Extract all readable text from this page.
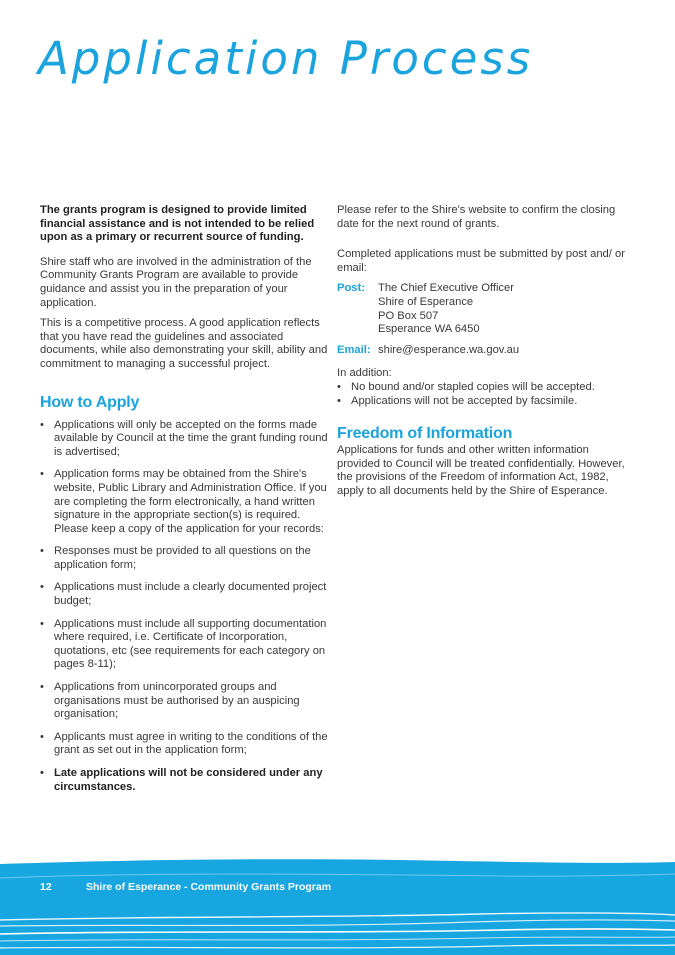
Application Process

The grants program is designed to provide limited financial assistance and is not intended to be relied upon as a primary or recurrent source of funding.

Shire staff who are involved in the administration of the Community Grants Program are available to provide guidance and assist you in the preparation of your application.

This is a competitive process. A good application reflects that you have read the guidelines and associated documents, while also demonstrating your skill, ability and commitment to managing a successful project.

How to Apply
• Applications will only be accepted on the forms made available by Council at the time the grant funding round is advertised;
• Application forms may be obtained from the Shire's website, Public Library and Administration Office. If you are completing the form electronically, a hand written signature in the appropriate section(s) is required. Please keep a copy of the application for your records:
• Responses must be provided to all questions on the application form;
• Applications must include a clearly documented project budget;
• Applications must include all supporting documentation where required, i.e. Certificate of Incorporation, quotations, etc (see requirements for each category on pages 8-11);
• Applications from unincorporated groups and organisations must be authorised by an auspicing organisation;
• Applicants must agree in writing to the conditions of the grant as set out in the application form;
• Late applications will not be considered under any circumstances.

Please refer to the Shire's website to confirm the closing date for the next round of grants.

Completed applications must be submitted by post and/ or email:

Post:	The Chief Executive Officer
Shire of Esperance
PO Box 507
Esperance WA 6450
Email: shire@esperance.wa.gov.au

In addition:

• No bound and/or stapled copies will be accepted.
• Applications will not be accepted by facsimile.
Freedom of Information

Applications for funds and other written information provided to Council will be treated confidentially. However, the provisions of the Freedom of information Act, 1982, apply to all documents held by the Shire of Esperance.

12	Shire of Esperance - Community Grants Program
